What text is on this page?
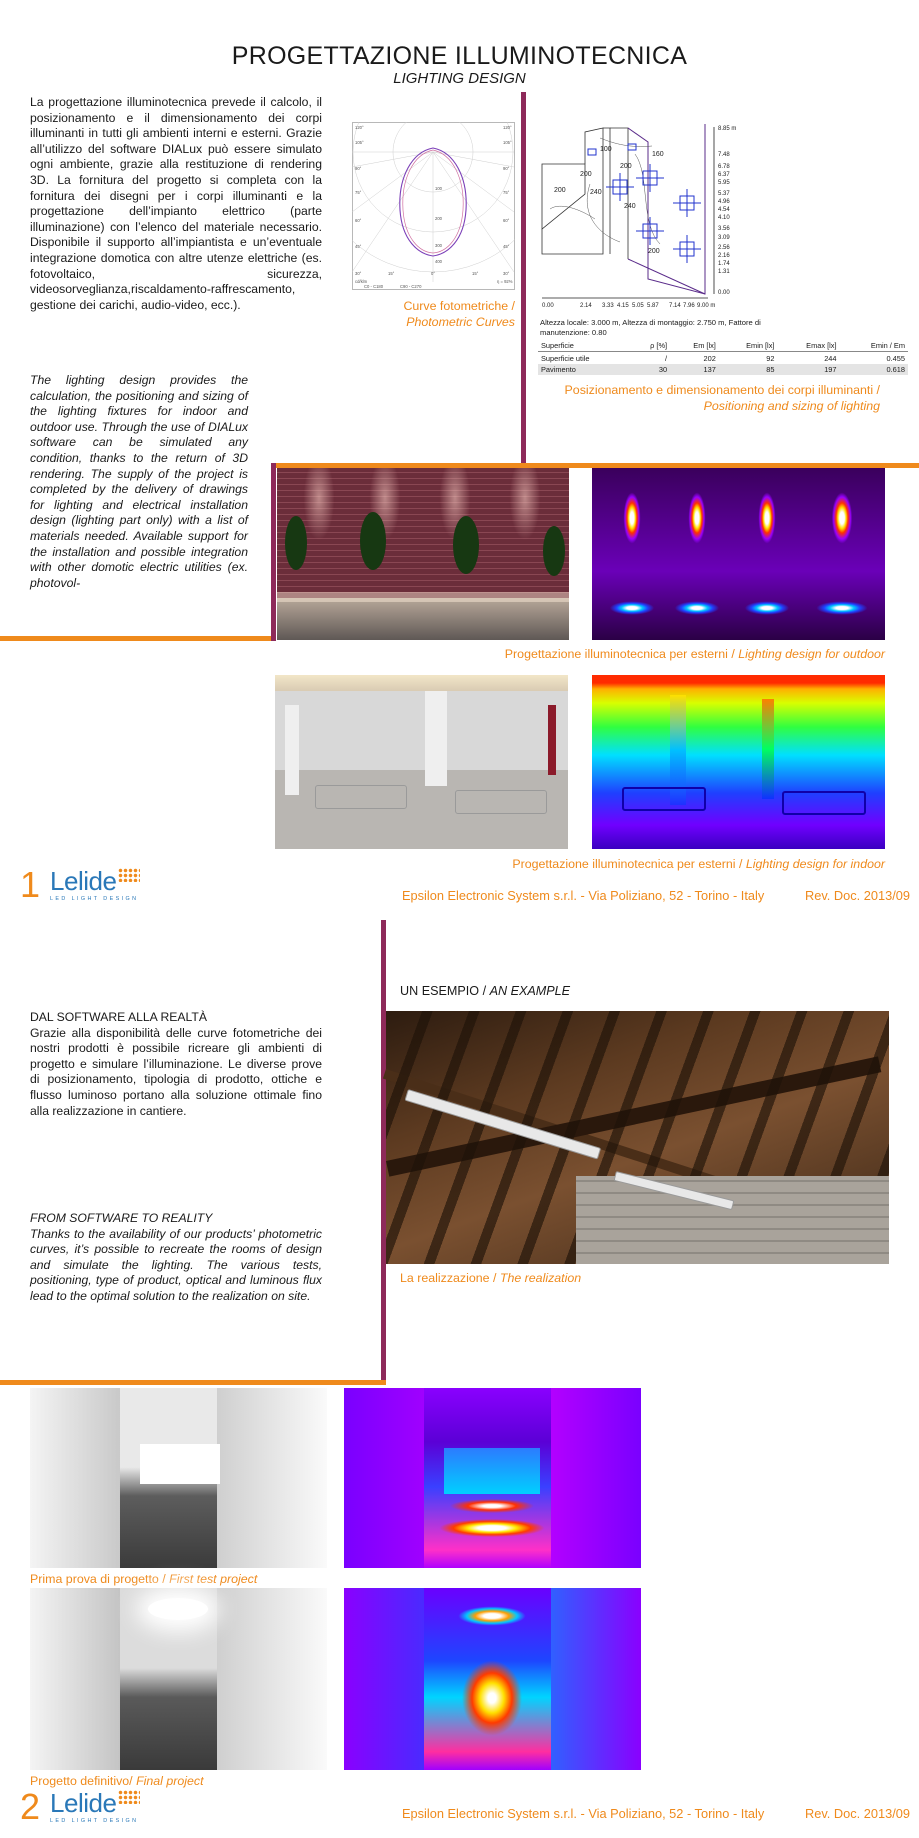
PROGETTAZIONE ILLUMINOTECNICA
LIGHTING DESIGN
La progettazione illuminotecnica prevede il calcolo, il posizionamento e il dimensionamento dei corpi illuminanti in tutti gli ambienti interni e esterni. Grazie all’utilizzo del software DIALux può essere simulato ogni ambiente, grazie alla restituzione di rendering 3D. La fornitura del progetto si completa con la fornitura dei disegni per i corpi illuminanti e la progettazione dell’impianto elettrico (parte illuminazione) con l’elenco del materiale necessario. Disponibile il supporto all’impiantista e un’eventuale integrazione domotica con altre utenze elettriche (es. fotovoltaico, sicurezza, videosorveglianza,riscaldamento-raffrescamento, gestione dei carichi, audio-video, ecc.).
The lighting design provides the calculation, the positioning and sizing of the lighting fixtures for indoor and outdoor use. Through the use of DIALux software can be simulated any condition, thanks to the return of 3D rendering. The supply of the project is completed by the delivery of drawings for lighting and electrical installation design (lighting part only) with a list of materials needed. Available support for the installation and possible integration with other domotic electric utilities (ex. photovol-
120°
105°
90°
75°
60°
45°
30°	15°	0°	15°	30°
45°
60°
75°
90°
105°
120°
100
200
300
400
cd/klm	η = 92%
C0 - C180	C90 - C270
Curve fotometriche /
Photometric Curves
100
160
200
200
240
200
240
200
8.85 m
7.48
6.78
6.37
5.95
5.37
4.96
4.54
4.10
3.56
3.09
2.56
2.16
1.74
1.31
0.00
0.00	2.14 3.33 4.15 5.05 5.87 7.14 7.96 9.00 m
Altezza locale: 3.000 m, Altezza di montaggio: 2.750 m, Fattore di manutenzione: 0.80
Superficie	ρ [%]	Em [lx]	Emin [lx]	Emax [lx]	Emin / Em
Superficie utile	/	202	92	244	0.455
Pavimento	30	137	85	197	0.618
Posizionamento e dimensionamento dei corpi illuminanti /
Positioning and sizing of lighting
Progettazione illuminotecnica per esterni / Lighting design for outdoor
Progettazione illuminotecnica per esterni / Lighting design for indoor
1 Lelide
LED LIGHT DESIGN	Epsilon Electronic System s.r.l. - Via Poliziano, 52 - Torino - Italy	Rev. Doc. 2013/09
DAL SOFTWARE ALLA REALTÀ
Grazie alla disponibilità delle curve fotometriche dei nostri prodotti è possibile ricreare gli ambienti di progetto e simulare l’illuminazione. Le diverse prove di posizionamento, tipologia di prodotto, ottiche e flusso luminoso portano alla soluzione ottimale fino alla realizzazione in cantiere.
FROM SOFTWARE TO REALITY
Thanks to the availability of our products’ photometric curves, it’s possible to recreate the rooms of design and simulate the lighting. The various tests, positioning, type of product, optical and luminous flux lead to the optimal solution to the realization on site.
UN ESEMPIO / AN EXAMPLE
La realizzazione / The realization
Prima prova di progetto / First test project
Progetto definitivo/ Final project
2 Lelide
LED LIGHT DESIGN	Epsilon Electronic System s.r.l. - Via Poliziano, 52 - Torino - Italy	Rev. Doc. 2013/09
